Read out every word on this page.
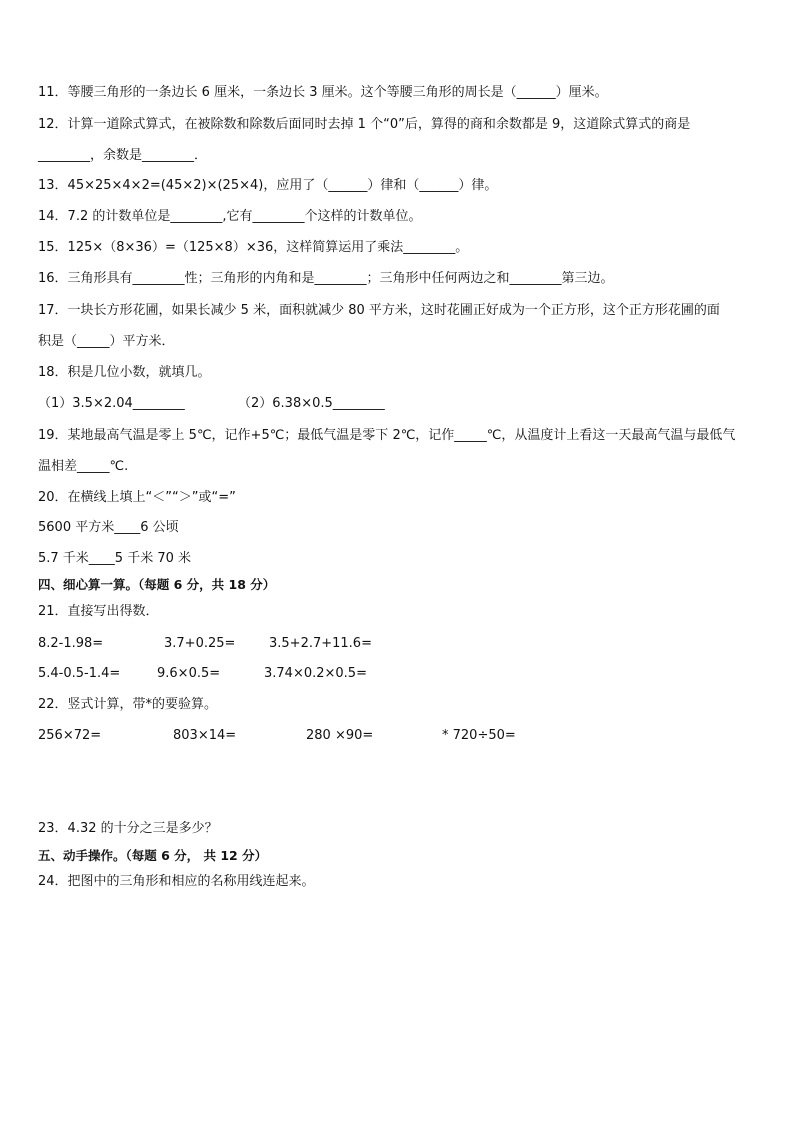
11．等腰三角形的一条边长 6 厘米，一条边长 3 厘米。这个等腰三角形的周长是（______）厘米。
12．计算一道除式算式，在被除数和除数后面同时去掉 1 个“0”后，算得的商和余数都是 9，这道除式算式的商是
________，余数是________．
13．45×25×4×2=(45×2)×(25×4)，应用了（______）律和（______）律。
14．7.2 的计数单位是________,它有________个这样的计数单位。
15．125×（8×36）=（125×8）×36，这样简算运用了乘法________。
16．三角形具有________性；三角形的内角和是________；三角形中任何两边之和________第三边。
17．一块长方形花圃，如果长减少 5 米，面积就减少 80 平方米，这时花圃正好成为一个正方形，这个正方形花圃的面
积是（_____）平方米．
18．积是几位小数，就填几。
（1）3.5×2.04________	（2）6.38×0.5________
19．某地最高气温是零上 5℃，记作+5℃；最低气温是零下 2℃，记作_____℃，从温度计上看这一天最高气温与最低气
温相差_____℃.
20．在横线上填上“＜”“＞”或“=”
5600 平方米____6 公顷
5.7 千米____5 千米 70 米
四、细心算一算。（每题 6 分，共 18 分）
21．直接写出得数．
8.2-1.98=	3.7+0.25=	3.5+2.7+11.6=
5.4-0.5-1.4=	9.6×0.5=	3.74×0.2×0.5=
22．竖式计算，带*的要验算。
256×72=	803×14=	280 ×90=	* 720÷50=
23．4.32 的十分之三是多少？
五、动手操作。（每题 6 分， 共 12 分）
24．把图中的三角形和相应的名称用线连起来。
